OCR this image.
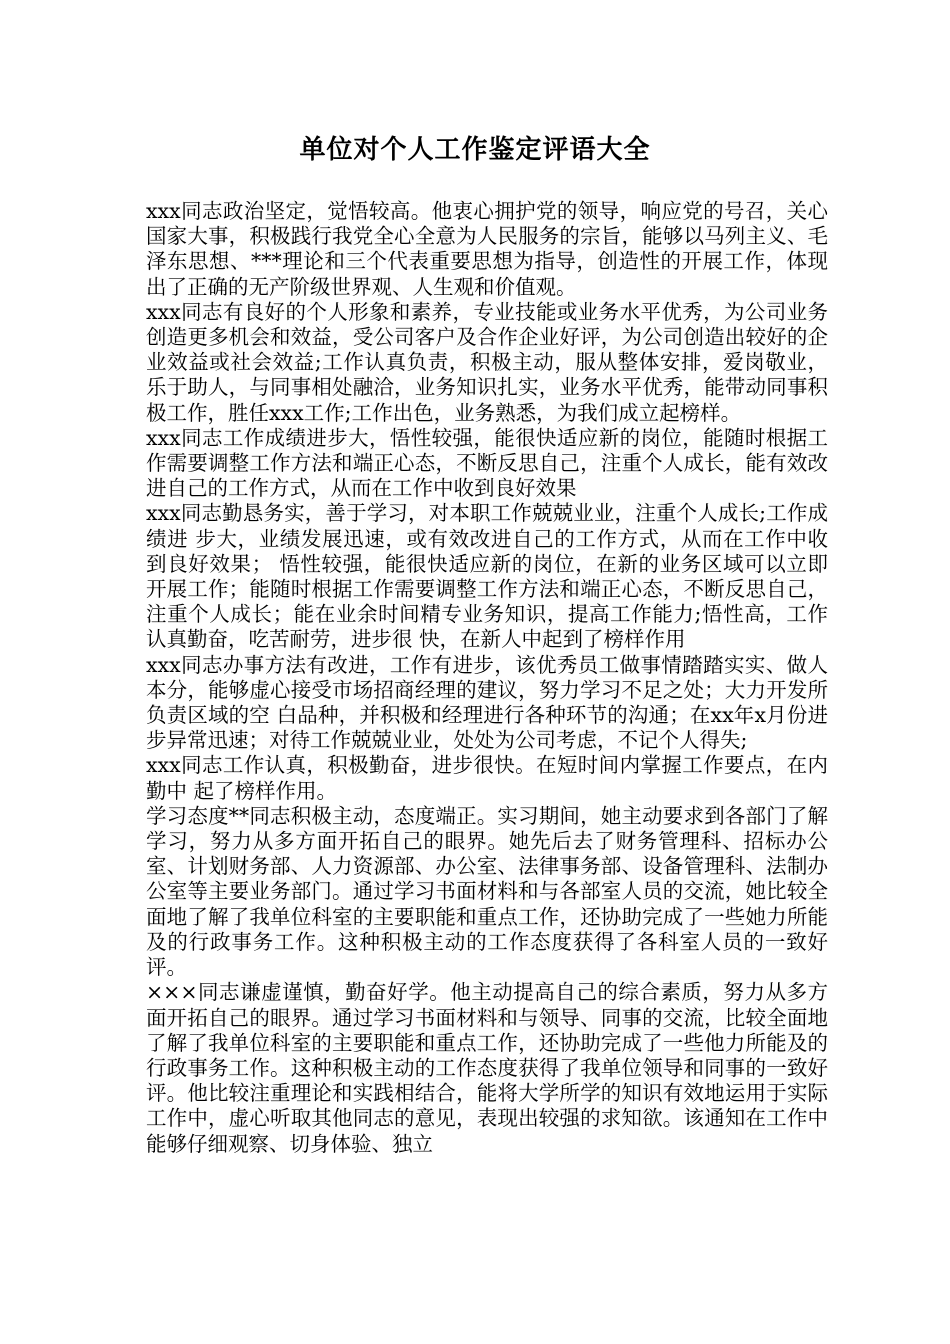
单位对个人工作鉴定评语大全

xxx同志政治坚定，觉悟较高。他衷心拥护党的领导，响应党的号召，关心国家大事，积极践行我党全心全意为人民服务的宗旨，能够以马列主义、毛泽东思想、***理论和三个代表重要思想为指导，创造性的开展工作，体现出了正确的无产阶级世界观、人生观和价值观。

xxx同志有良好的个人形象和素养，专业技能或业务水平优秀，为公司业务创造更多机会和效益，受公司客户及合作企业好评，为公司创造出较好的企业效益或社会效益;工作认真负责，积极主动，服从整体安排，爱岗敬业，乐于助人，与同事相处融洽，业务知识扎实，业务水平优秀，能带动同事积极工作，胜任xxx工作;工作出色，业务熟悉，为我们成立起榜样。

xxx同志工作成绩进步大，悟性较强，能很快适应新的岗位，能随时根据工作需要调整工作方法和端正心态，不断反思自己，注重个人成长，能有效改进自己的工作方式，从而在工作中收到良好效果

xxx同志勤恳务实，善于学习，对本职工作兢兢业业，注重个人成长;工作成绩进 步大，业绩发展迅速，或有效改进自己的工作方式，从而在工作中收到良好效果； 悟性较强，能很快适应新的岗位，在新的业务区域可以立即开展工作；能随时根据工作需要调整工作方法和端正心态，不断反思自己，注重个人成长；能在业余时间精专业务知识，提高工作能力;悟性高，工作认真勤奋，吃苦耐劳，进步很 快，在新人中起到了榜样作用

xxx同志办事方法有改进，工作有进步，该优秀员工做事情踏踏实实、做人本分，能够虚心接受市场招商经理的建议，努力学习不足之处；大力开发所负责区域的空 白品种，并积极和经理进行各种环节的沟通；在xx年x月份进步异常迅速；对待工作兢兢业业，处处为公司考虑，不记个人得失;

xxx同志工作认真，积极勤奋，进步很快。在短时间内掌握工作要点，在内勤中 起了榜样作用。

学习态度**同志积极主动，态度端正。实习期间，她主动要求到各部门了解学习，努力从多方面开拓自己的眼界。她先后去了财务管理科、招标办公室、计划财务部、人力资源部、办公室、法律事务部、设备管理科、法制办公室等主要业务部门。通过学习书面材料和与各部室人员的交流，她比较全面地了解了我单位科室的主要职能和重点工作，还协助完成了一些她力所能及的行政事务工作。这种积极主动的工作态度获得了各科室人员的一致好评。

×××同志谦虚谨慎，勤奋好学。他主动提高自己的综合素质，努力从多方面开拓自己的眼界。通过学习书面材料和与领导、同事的交流，比较全面地了解了我单位科室的主要职能和重点工作，还协助完成了一些他力所能及的行政事务工作。这种积极主动的工作态度获得了我单位领导和同事的一致好评。他比较注重理论和实践相结合，能将大学所学的知识有效地运用于实际工作中，虚心听取其他同志的意见，表现出较强的求知欲。该通知在工作中能够仔细观察、切身体验、独立
